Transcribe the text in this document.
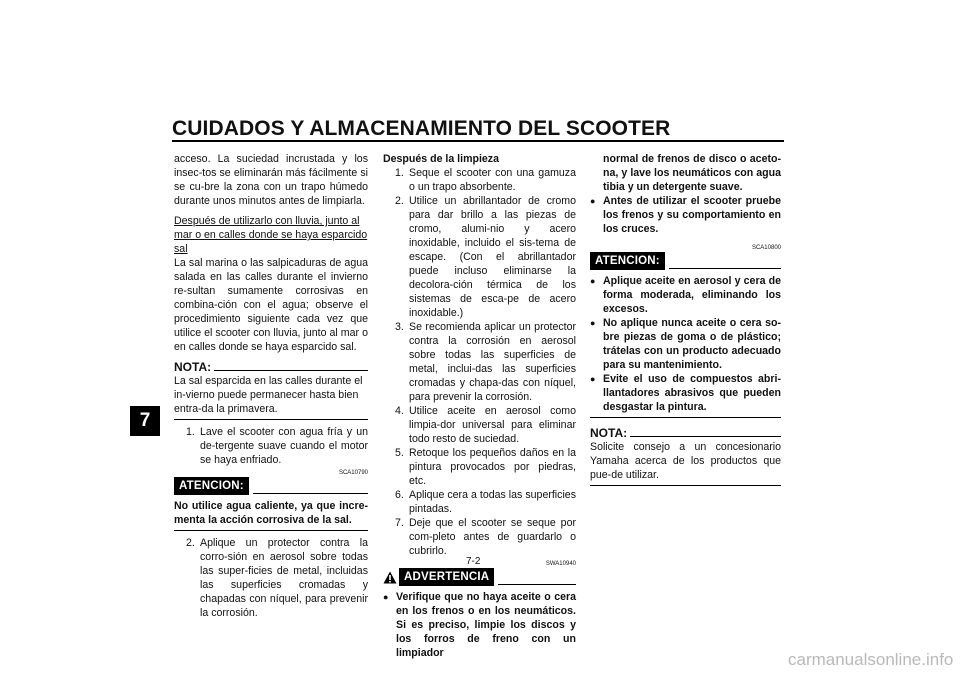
CUIDADOS Y ALMACENAMIENTO DEL SCOOTER
7

acceso. La suciedad incrustada y los insec-tos se eliminarán más fácilmente si se cu-bre la zona con un trapo húmedo durante unos minutos antes de limpiarla.

Después de utilizarlo con lluvia, junto al mar o en calles donde se haya esparcido sal

La sal marina o las salpicaduras de agua salada en las calles durante el invierno re-sultan sumamente corrosivas en combina-ción con el agua; observe el procedimiento siguiente cada vez que utilice el scooter con lluvia, junto al mar o en calles donde se haya esparcido sal.

NOTA:

La sal esparcida en las calles durante el in-vierno puede permanecer hasta bien entra-da la primavera.

1. Lave el scooter con agua fría y un de-tergente suave cuando el motor se haya enfriado.
SCA10790
ATENCION:

No utilice agua caliente, ya que incre-menta la acción corrosiva de la sal.

2. Aplique un protector contra la corro-sión en aerosol sobre todas las super-ficies de metal, incluidas las superficies cromadas y chapadas con níquel, para prevenir la corrosión.

Después de la limpieza

1. Seque el scooter con una gamuza o un trapo absorbente.
2. Utilice un abrillantador de cromo para dar brillo a las piezas de cromo, alumi-nio y acero inoxidable, incluido el sis-tema de escape. (Con el abrillantador puede incluso eliminarse la decolora-ción térmica de los sistemas de esca-pe de acero inoxidable.)
3. Se recomienda aplicar un protector contra la corrosión en aerosol sobre todas las superficies de metal, inclui-das las superficies cromadas y chapa-das con níquel, para prevenir la corrosión.
4. Utilice aceite en aerosol como limpia-dor universal para eliminar todo resto de suciedad.
5. Retoque los pequeños daños en la pintura provocados por piedras, etc.
6. Aplique cera a todas las superficies pintadas.
7. Deje que el scooter se seque por com-pleto antes de guardarlo o cubrirlo.
SWA10940
ADVERTENCIA
● Verifique que no haya aceite o cera en los frenos o en los neumáticos. Si es preciso, limpie los discos y los forros de freno con un limpiador
normal de frenos de disco o aceto-na, y lave los neumáticos con agua tibia y un detergente suave.
● Antes de utilizar el scooter pruebe los frenos y su comportamiento en los cruces.
SCA10800
ATENCION:
● Aplique aceite en aerosol y cera de forma moderada, eliminando los excesos.
● No aplique nunca aceite o cera so-bre piezas de goma o de plástico; trátelas con un producto adecuado para su mantenimiento.
● Evite el uso de compuestos abri-llantadores abrasivos que pueden desgastar la pintura.
NOTA:

Solicite consejo a un concesionario Yamaha acerca de los productos que pue-de utilizar.

7-2
carmanualsonline.info
